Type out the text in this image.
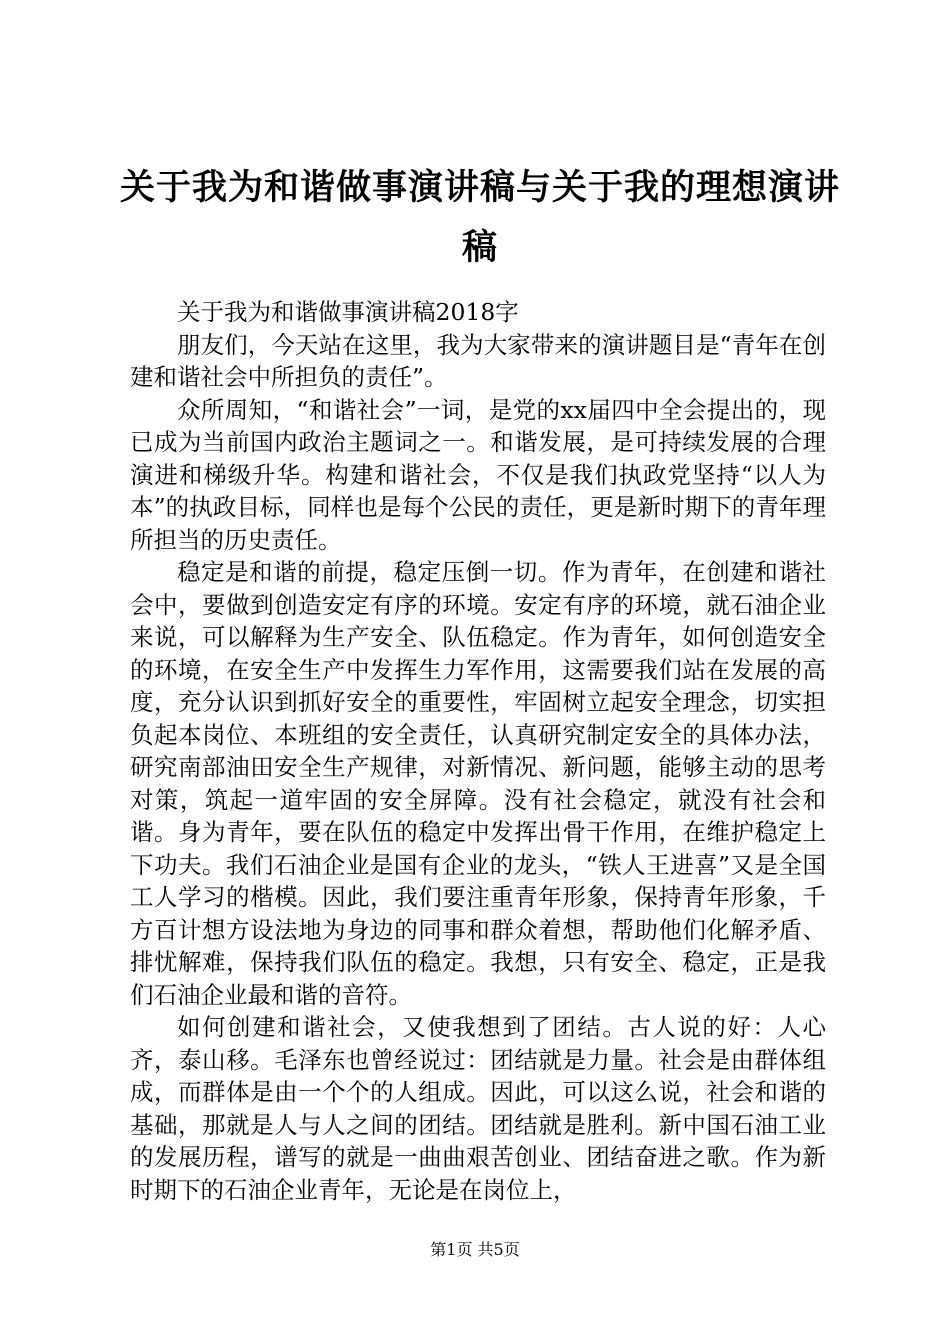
关于我为和谐做事演讲稿与关于我的理想演讲稿

关于我为和谐做事演讲稿2018字

朋友们，今天站在这里，我为大家带来的演讲题目是“青年在创建和谐社会中所担负的责任”。

众所周知，“和谐社会”一词，是党的xx届四中全会提出的，现已成为当前国内政治主题词之一。和谐发展，是可持续发展的合理演进和梯级升华。构建和谐社会，不仅是我们执政党坚持“以人为本”的执政目标，同样也是每个公民的责任，更是新时期下的青年理所担当的历史责任。

稳定是和谐的前提，稳定压倒一切。作为青年，在创建和谐社会中，要做到创造安定有序的环境。安定有序的环境，就石油企业来说，可以解释为生产安全、队伍稳定。作为青年，如何创造安全的环境，在安全生产中发挥生力军作用，这需要我们站在发展的高度，充分认识到抓好安全的重要性，牢固树立起安全理念，切实担负起本岗位、本班组的安全责任，认真研究制定安全的具体办法，研究南部油田安全生产规律，对新情况、新问题，能够主动的思考对策，筑起一道牢固的安全屏障。没有社会稳定，就没有社会和谐。身为青年，要在队伍的稳定中发挥出骨干作用，在维护稳定上下功夫。我们石油企业是国有企业的龙头，“铁人王进喜”又是全国工人学习的楷模。因此，我们要注重青年形象，保持青年形象，千方百计想方设法地为身边的同事和群众着想，帮助他们化解矛盾、排忧解难，保持我们队伍的稳定。我想，只有安全、稳定，正是我们石油企业最和谐的音符。

如何创建和谐社会，又使我想到了团结。古人说的好：人心齐，泰山移。毛泽东也曾经说过：团结就是力量。社会是由群体组成，而群体是由一个个的人组成。因此，可以这么说，社会和谐的基础，那就是人与人之间的团结。团结就是胜利。新中国石油工业的发展历程，谱写的就是一曲曲艰苦创业、团结奋进之歌。作为新时期下的石油企业青年，无论是在岗位上，

第1页 共5页
